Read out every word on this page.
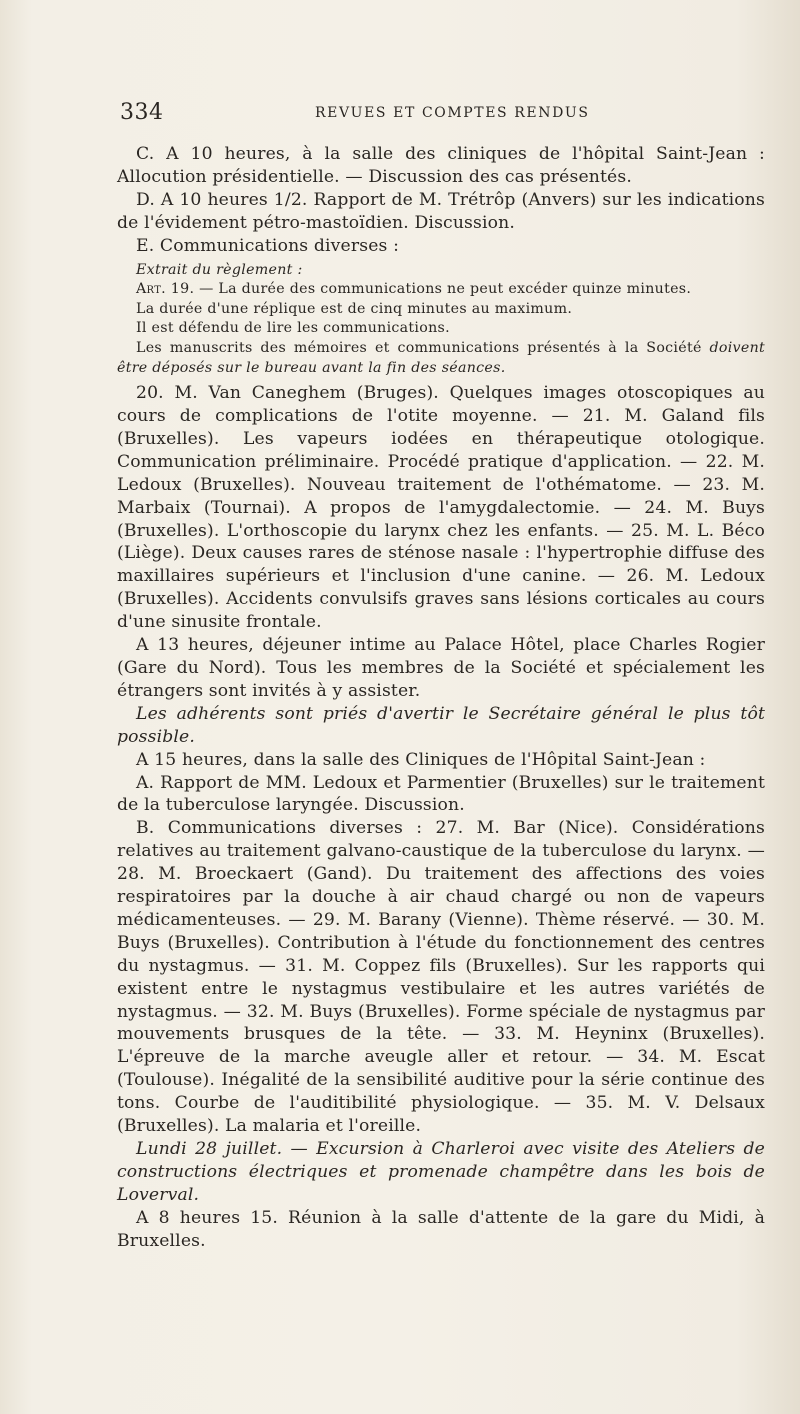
334	REVUES ET COMPTES RENDUS

C. A 10 heures, à la salle des cliniques de l'hôpital Saint-Jean : Allocution présidentielle. — Discussion des cas présentés.

D. A 10 heures 1/2. Rapport de M. Trétrôp (Anvers) sur les indications de l'évidement pétro-mastoïdien. Discussion.

E. Communications diverses :

Extrait du règlement :

Art. 19. — La durée des communications ne peut excéder quinze minutes.

La durée d'une réplique est de cinq minutes au maximum.

Il est défendu de lire les communications.

Les manuscrits des mémoires et communications présentés à la Société doivent être déposés sur le bureau avant la fin des séances.

20. M. Van Caneghem (Bruges). Quelques images otoscopiques au cours de complications de l'otite moyenne. — 21. M. Galand fils (Bruxelles). Les vapeurs iodées en thérapeutique otologique. Communication préliminaire. Procédé pratique d'application. — 22. M. Ledoux (Bruxelles). Nouveau traitement de l'othématome. — 23. M. Marbaix (Tournai). A propos de l'amygdalectomie. — 24. M. Buys (Bruxelles). L'orthoscopie du larynx chez les enfants. — 25. M. L. Béco (Liège). Deux causes rares de sténose nasale : l'hypertrophie diffuse des maxillaires supérieurs et l'inclusion d'une canine. — 26. M. Ledoux (Bruxelles). Accidents convulsifs graves sans lésions corticales au cours d'une sinusite frontale.

A 13 heures, déjeuner intime au Palace Hôtel, place Charles Rogier (Gare du Nord). Tous les membres de la Société et spécialement les étrangers sont invités à y assister.

Les adhérents sont priés d'avertir le Secrétaire général le plus tôt possible.

A 15 heures, dans la salle des Cliniques de l'Hôpital Saint-Jean :

A. Rapport de MM. Ledoux et Parmentier (Bruxelles) sur le traitement de la tuberculose laryngée. Discussion.

B. Communications diverses : 27. M. Bar (Nice). Considérations relatives au traitement galvano-caustique de la tuberculose du larynx. — 28. M. Broeckaert (Gand). Du traitement des affections des voies respiratoires par la douche à air chaud chargé ou non de vapeurs médicamenteuses. — 29. M. Barany (Vienne). Thème réservé. — 30. M. Buys (Bruxelles). Contribution à l'étude du fonctionnement des centres du nystagmus. — 31. M. Coppez fils (Bruxelles). Sur les rapports qui existent entre le nystagmus vestibulaire et les autres variétés de nystagmus. — 32. M. Buys (Bruxelles). Forme spéciale de nystagmus par mouvements brusques de la tête. — 33. M. Heyninx (Bruxelles). L'épreuve de la marche aveugle aller et retour. — 34. M. Escat (Toulouse). Inégalité de la sensibilité auditive pour la série continue des tons. Courbe de l'auditibilité physiologique. — 35. M. V. Delsaux (Bruxelles). La malaria et l'oreille.

Lundi 28 juillet. — Excursion à Charleroi avec visite des Ateliers de constructions électriques et promenade champêtre dans les bois de Loverval.

A 8 heures 15. Réunion à la salle d'attente de la gare du Midi, à Bruxelles.
